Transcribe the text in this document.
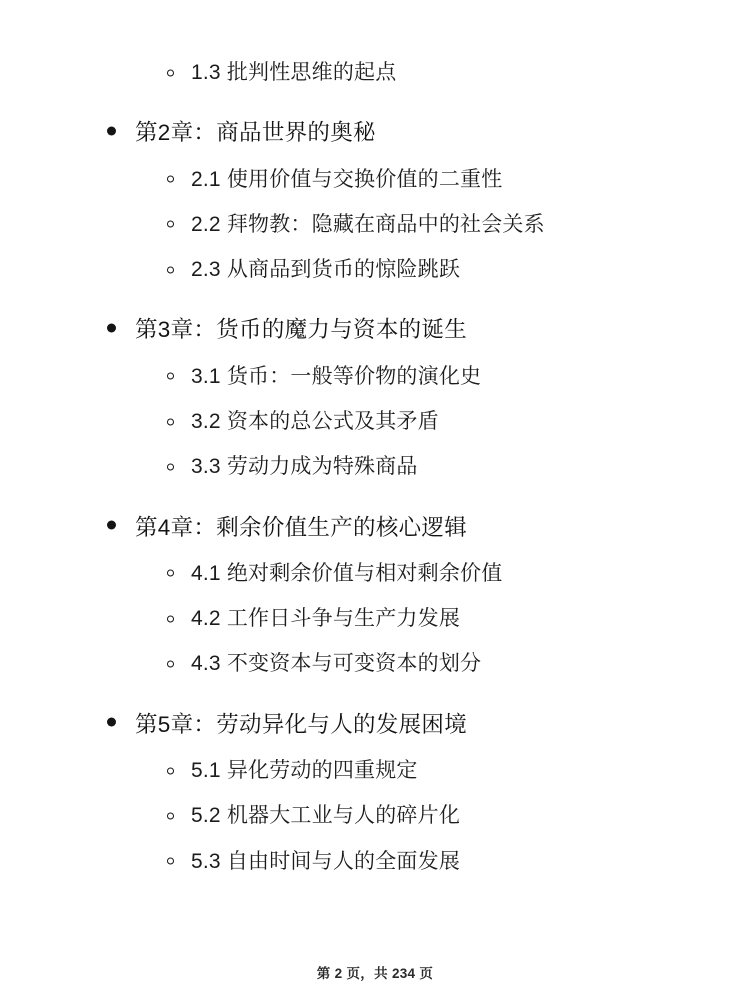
1.3 批判性思维的起点
第2章：商品世界的奥秘
2.1 使用价值与交换价值的二重性
2.2 拜物教：隐藏在商品中的社会关系
2.3 从商品到货币的惊险跳跃
第3章：货币的魔力与资本的诞生
3.1 货币：一般等价物的演化史
3.2 资本的总公式及其矛盾
3.3 劳动力成为特殊商品
第4章：剩余价值生产的核心逻辑
4.1 绝对剩余价值与相对剩余价值
4.2 工作日斗争与生产力发展
4.3 不变资本与可变资本的划分
第5章：劳动异化与人的发展困境
5.1 异化劳动的四重规定
5.2 机器大工业与人的碎片化
5.3 自由时间与人的全面发展
第 2 页，共 234 页
